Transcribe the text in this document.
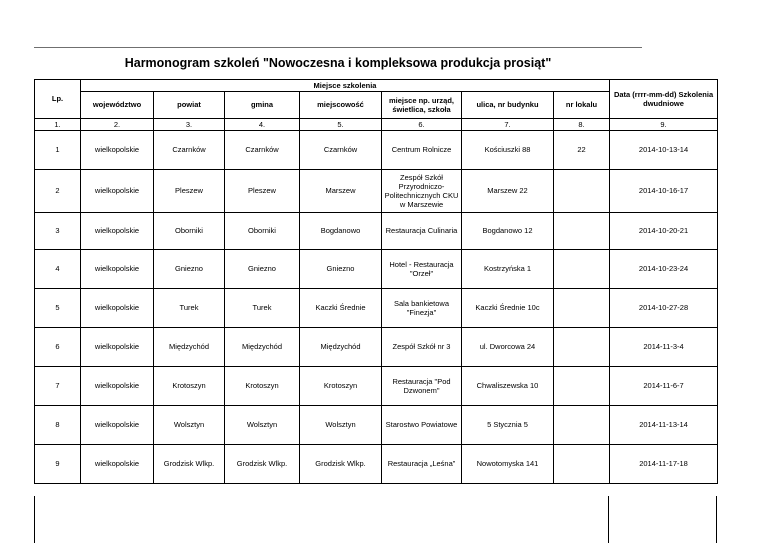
Harmonogram szkoleń "Nowoczesna i kompleksowa produkcja prosiąt"
Lp.	Miejsce szkolenia							Data (rrrr-mm-dd) Szkolenia dwudniowe
	województwo	powiat	gmina	miejscowość	miejsce np. urząd, świetlica, szkoła	ulica, nr budynku	nr lokalu	
1.	2.	3.	4.	5.	6.	7.	8.	9.
1	wielkopolskie	Czarnków	Czarnków	Czarnków	Centrum Rolnicze	Kościuszki 88	22	2014-10-13-14
2	wielkopolskie	Pleszew	Pleszew	Marszew	Zespół Szkół Przyrodniczo-Politechnicznych CKU w Marszewie	Marszew 22		2014-10-16-17
3	wielkopolskie	Oborniki	Oborniki	Bogdanowo	Restauracja Culinaria	Bogdanowo 12		2014-10-20-21
4	wielkopolskie	Gniezno	Gniezno	Gniezno	Hotel - Restauracja "Orzeł"	Kostrzyńska 1		2014-10-23-24
5	wielkopolskie	Turek	Turek	Kaczki Średnie	Sala bankietowa "Finezja"	Kaczki Średnie 10c		2014-10-27-28
6	wielkopolskie	Międzychód	Międzychód	Międzychód	Zespół Szkół nr 3	ul. Dworcowa 24		2014-11-3-4
7	wielkopolskie	Krotoszyn	Krotoszyn	Krotoszyn	Restauracja "Pod Dzwonem"	Chwaliszewska 10		2014-11-6-7
8	wielkopolskie	Wolsztyn	Wolsztyn	Wolsztyn	Starostwo Powiatowe	5 Stycznia 5		2014-11-13-14
9	wielkopolskie	Grodzisk Wlkp.	Grodzisk Wlkp.	Grodzisk Wlkp.	Restauracja „Leśna”	Nowotomyska 141		2014-11-17-18
